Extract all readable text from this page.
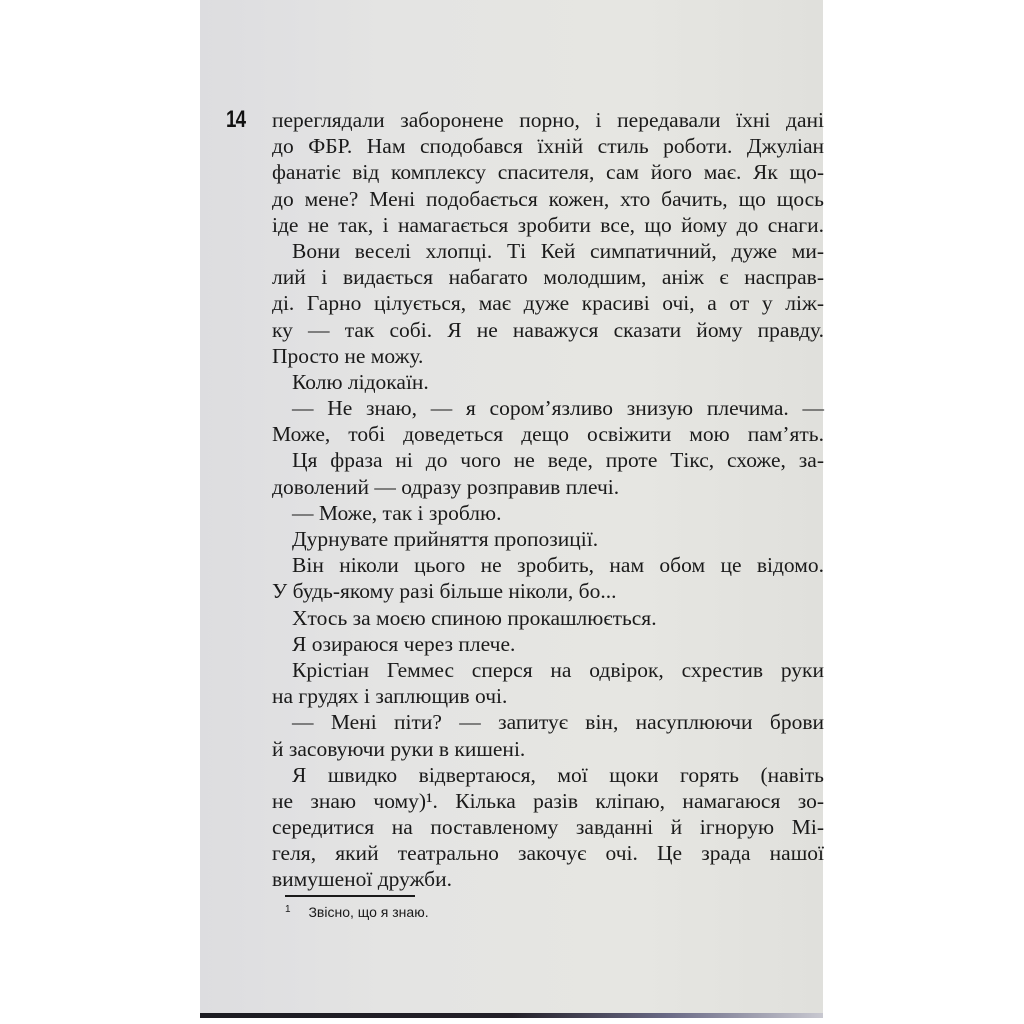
14 переглядали заборонене порно, і передавали їхні дані
до ФБР. Нам сподобався їхній стиль роботи. Джуліан
фанатіє від комплексу спасителя, сам його має. Як що-
до мене? Мені подобається кожен, хто бачить, що щось
іде не так, і намагається зробити все, що йому до снаги.
Вони веселі хлопці. Ті Кей симпатичний, дуже ми-
лий і видається набагато молодшим, аніж є насправ-
ді. Гарно цілується, має дуже красиві очі, а от у ліж-
ку — так собі. Я не наважуся сказати йому правду.
Просто не можу.
Колю лідокаїн.
— Не знаю, — я сором’язливо знизую плечима. —
Може, тобі доведеться дещо освіжити мою пам’ять.
Ця фраза ні до чого не веде, проте Тікс, схоже, за-
доволений — одразу розправив плечі.
— Може, так і зроблю.
Дурнувате прийняття пропозиції.
Він ніколи цього не зробить, нам обом це відомо.
У будь-якому разі більше ніколи, бо...
Хтось за моєю спиною прокашлюється.
Я озираюся через плече.
Крістіан Геммес сперся на одвірок, схрестив руки
на грудях і заплющив очі.
— Мені піти? — запитує він, насуплюючи брови
й засовуючи руки в кишені.
Я швидко відвертаюся, мої щоки горять (навіть
не знаю чому)¹. Кілька разів кліпаю, намагаюся зо-
середитися на поставленому завданні й ігнорую Мі-
геля, який театрально закочує очі. Це зрада нашої
вимушеної дружби.
$^1$ Звісно, що я знаю.
